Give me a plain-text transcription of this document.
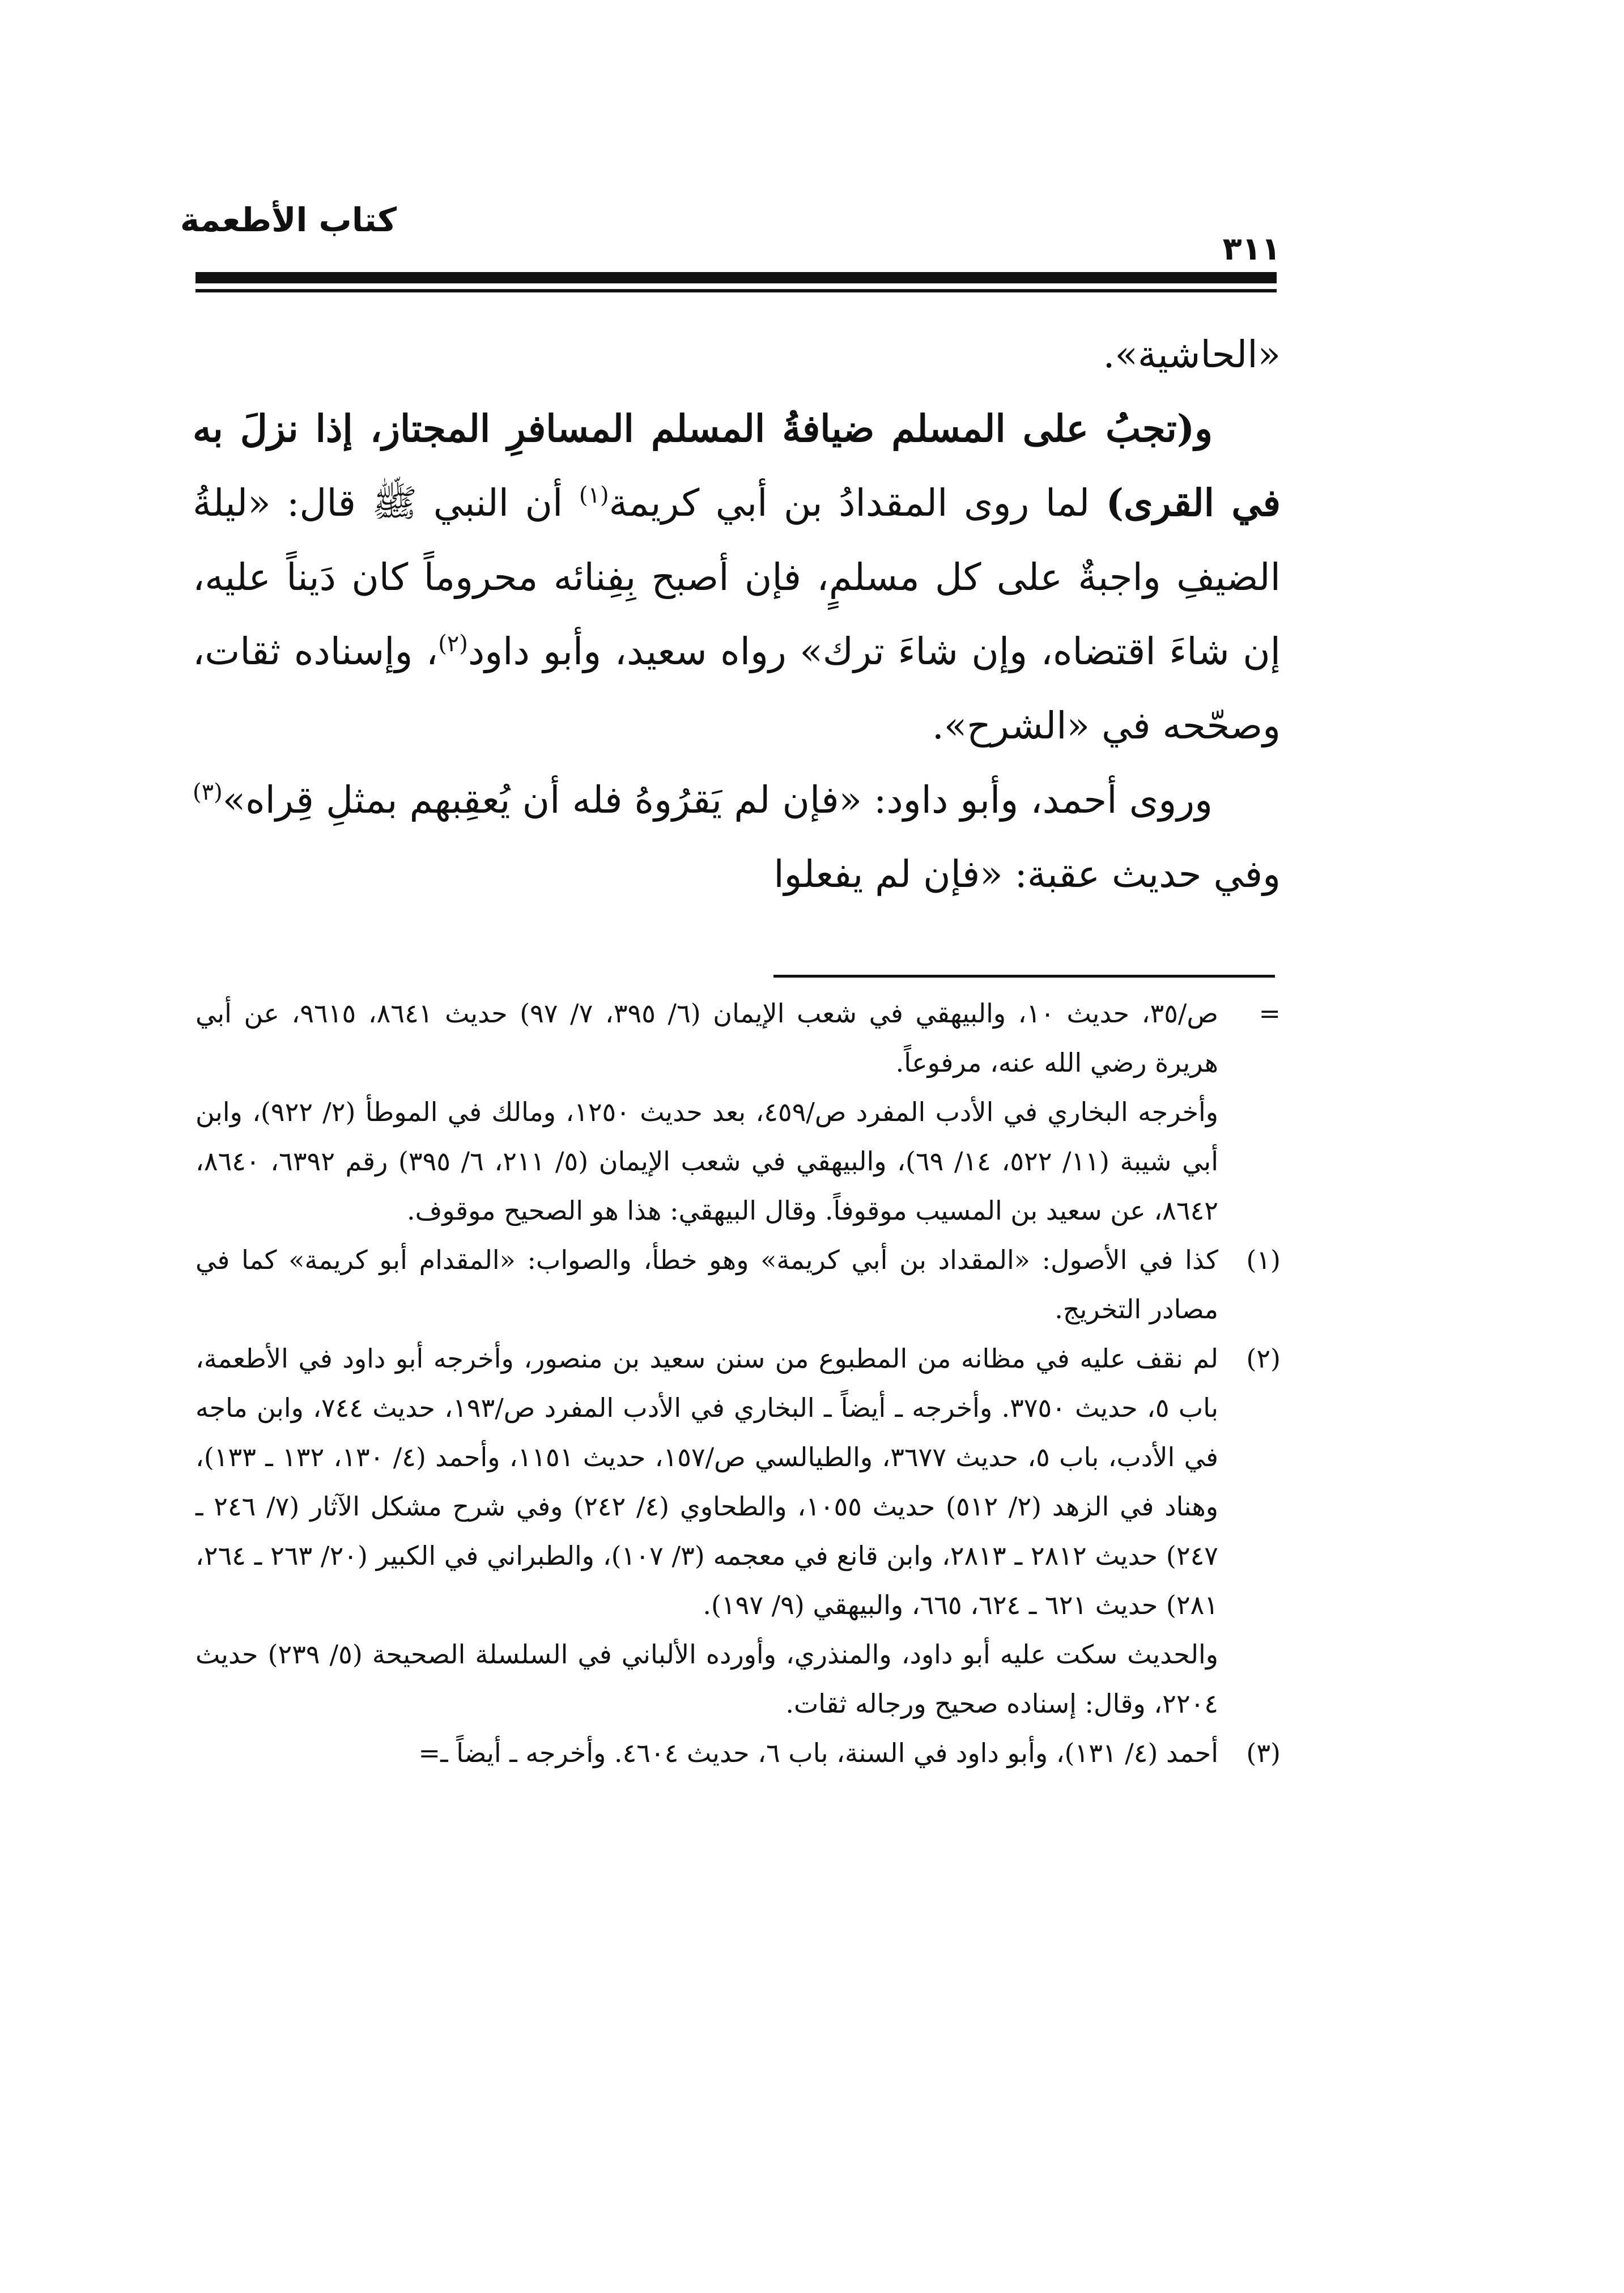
كتاب الأطعمة
٣١١

«الحاشية».

و(تجبُ على المسلم ضيافةُ المسلم المسافرِ المجتاز، إذا نزلَ به في القرى) لما روى المقدادُ بن أبي كريمة$^{(١)}$ أن النبي ﷺ قال: «ليلةُ الضيفِ واجبةٌ على كل مسلمٍ، فإن أصبح بِفِنائه محروماً كان دَيناً عليه، إن شاءَ اقتضاه، وإن شاءَ ترك» رواه سعيد، وأبو داود$^{(٢)}$، وإسناده ثقات، وصحّحه في «الشرح».

وروى أحمد، وأبو داود: «فإن لم يَقرُوهُ فله أن يُعقِبهم بمثلِ قِراه»$^{(٣)}$ وفي حديث عقبة: «فإن لم يفعلوا

=
ص/٣٥، حديث ١٠، والبيهقي في شعب الإيمان (٦/ ٣٩٥، ٧/ ٩٧) حديث ٨٦٤١، ٩٦١٥، عن أبي هريرة رضي الله عنه، مرفوعاً.

وأخرجه البخاري في الأدب المفرد ص/٤٥٩، بعد حديث ١٢٥٠، ومالك في الموطأ (٢/ ٩٢٢)، وابن أبي شيبة (١١/ ٥٢٢، ١٤/ ٦٩)، والبيهقي في شعب الإيمان (٥/ ٢١١، ٦/ ٣٩٥) رقم ٦٣٩٢، ٨٦٤٠، ٨٦٤٢، عن سعيد بن المسيب موقوفاً. وقال البيهقي: هذا هو الصحيح موقوف.

(١)
كذا في الأصول: «المقداد بن أبي كريمة» وهو خطأ، والصواب: «المقدام أبو كريمة» كما في مصادر التخريج.

(٢)
لم نقف عليه في مظانه من المطبوع من سنن سعيد بن منصور، وأخرجه أبو داود في الأطعمة، باب ٥، حديث ٣٧٥٠. وأخرجه ـ أيضاً ـ البخاري في الأدب المفرد ص/١٩٣، حديث ٧٤٤، وابن ماجه في الأدب، باب ٥، حديث ٣٦٧٧، والطيالسي ص/١٥٧، حديث ١١٥١، وأحمد (٤/ ١٣٠، ١٣٢ ـ ١٣٣)، وهناد في الزهد (٢/ ٥١٢) حديث ١٠٥٥، والطحاوي (٤/ ٢٤٢) وفي شرح مشكل الآثار (٧/ ٢٤٦ ـ ٢٤٧) حديث ٢٨١٢ ـ ٢٨١٣، وابن قانع في معجمه (٣/ ١٠٧)، والطبراني في الكبير (٢٠/ ٢٦٣ ـ ٢٦٤، ٢٨١) حديث ٦٢١ ـ ٦٢٤، ٦٦٥، والبيهقي (٩/ ١٩٧).

والحديث سكت عليه أبو داود، والمنذري، وأورده الألباني في السلسلة الصحيحة (٥/ ٢٣٩) حديث ٢٢٠٤، وقال: إسناده صحيح ورجاله ثقات.

(٣)
أحمد (٤/ ١٣١)، وأبو داود في السنة، باب ٦، حديث ٤٦٠٤. وأخرجه ـ أيضاً ـ=
